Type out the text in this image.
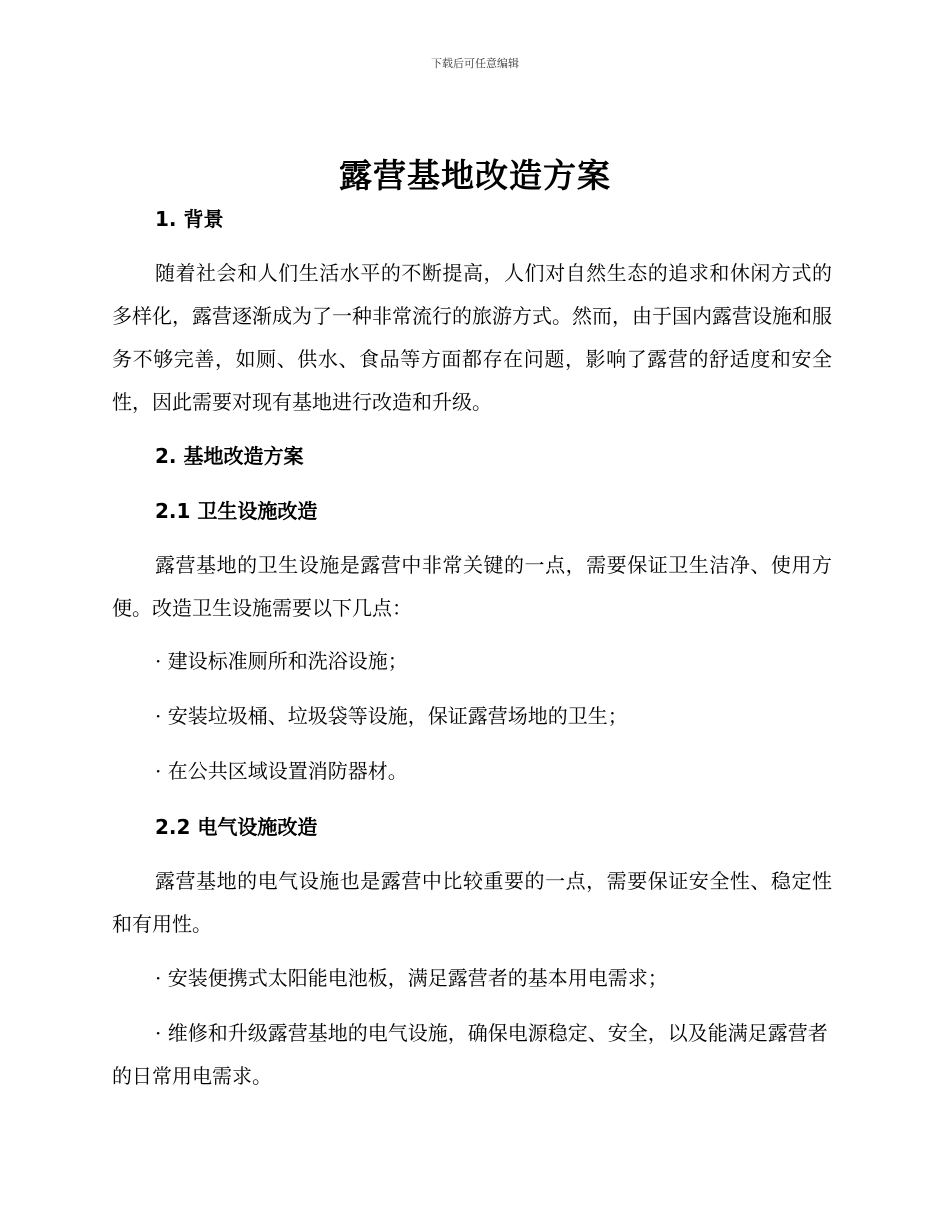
下载后可任意编辑
露营基地改造方案
1. 背景
随着社会和人们生活水平的不断提高，人们对自然生态的追求和休闲方式的多样化，露营逐渐成为了一种非常流行的旅游方式。然而，由于国内露营设施和服务不够完善，如厕、供水、食品等方面都存在问题，影响了露营的舒适度和安全性，因此需要对现有基地进行改造和升级。
2. 基地改造方案
2.1 卫生设施改造
露营基地的卫生设施是露营中非常关键的一点，需要保证卫生洁净、使用方便。改造卫生设施需要以下几点：
· 建设标准厕所和洗浴设施；
· 安装垃圾桶、垃圾袋等设施，保证露营场地的卫生；
· 在公共区域设置消防器材。
2.2 电气设施改造
露营基地的电气设施也是露营中比较重要的一点，需要保证安全性、稳定性和有用性。
· 安装便携式太阳能电池板，满足露营者的基本用电需求；
· 维修和升级露营基地的电气设施，确保电源稳定、安全，以及能满足露营者的日常用电需求。
